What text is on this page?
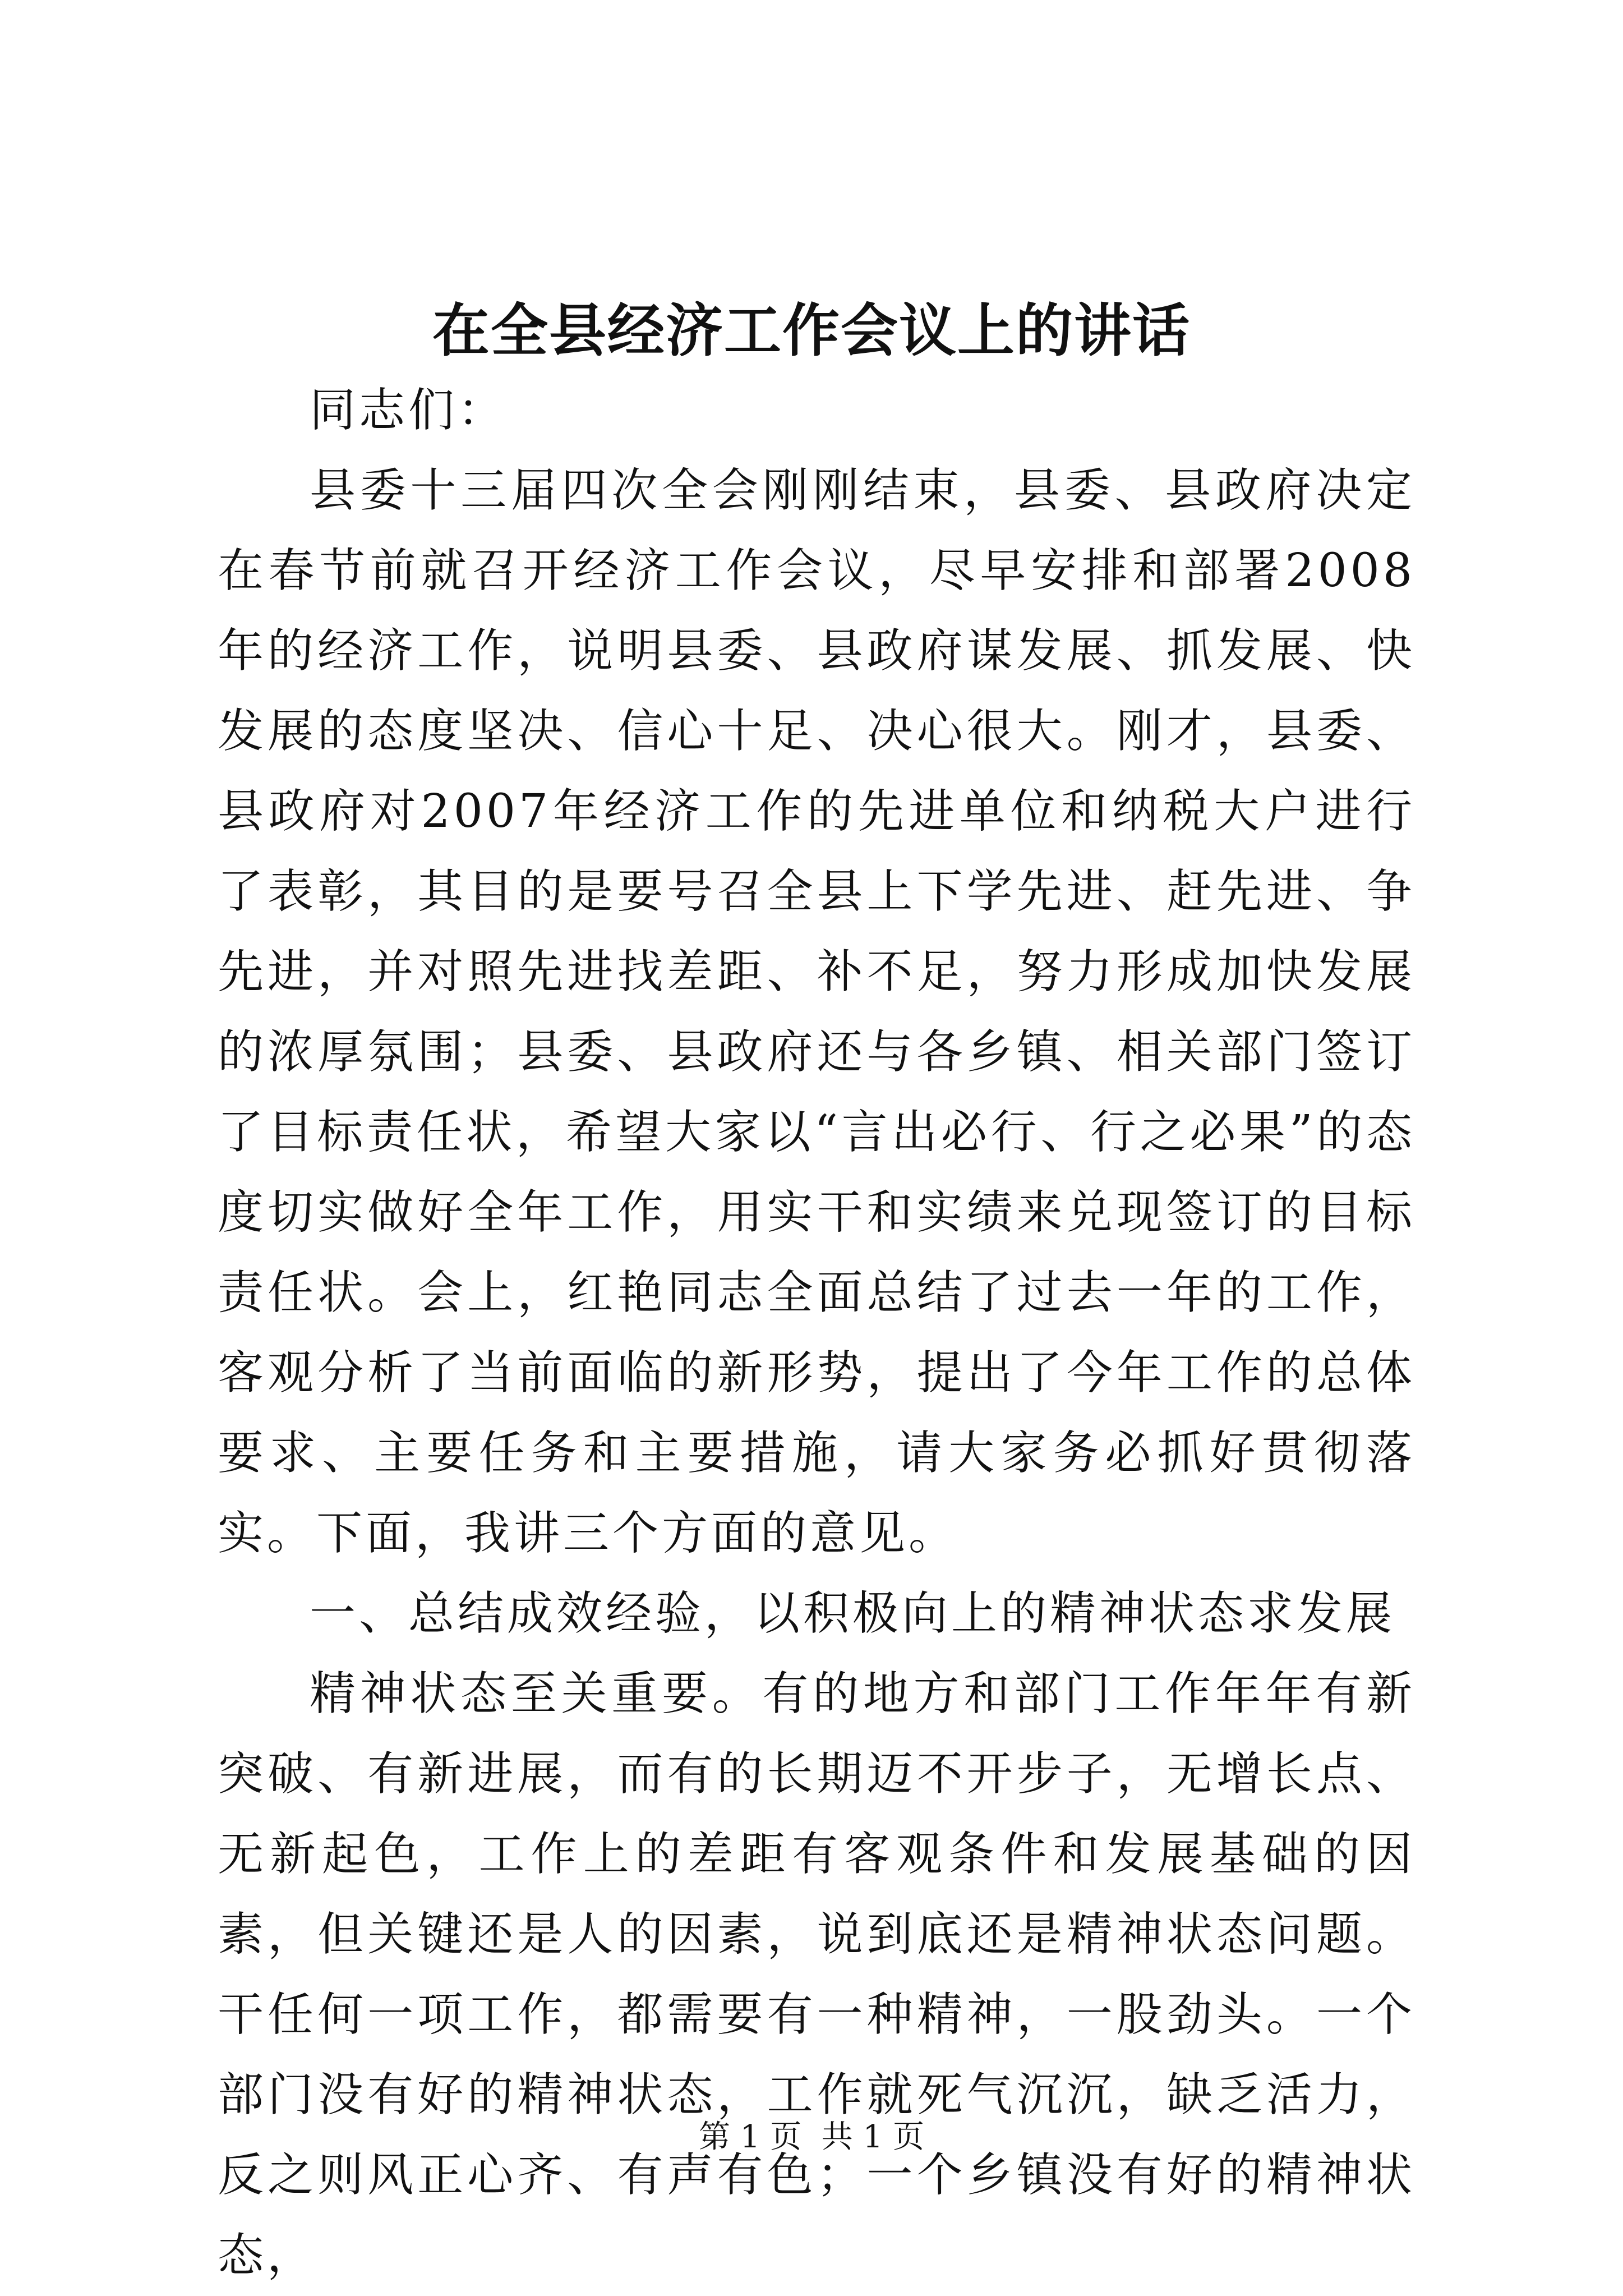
在全县经济工作会议上的讲话

同志们：

县委十三届四次全会刚刚结束，县委、县政府决定在春节前就召开经济工作会议，尽早安排和部署2008年的经济工作，说明县委、县政府谋发展、抓发展、快发展的态度坚决、信心十足、决心很大。刚才，县委、县政府对2007年经济工作的先进单位和纳税大户进行了表彰，其目的是要号召全县上下学先进、赶先进、争先进，并对照先进找差距、补不足，努力形成加快发展的浓厚氛围；县委、县政府还与各乡镇、相关部门签订了目标责任状，希望大家以“言出必行、行之必果”的态度切实做好全年工作，用实干和实绩来兑现签订的目标责任状。会上，红艳同志全面总结了过去一年的工作，客观分析了当前面临的新形势，提出了今年工作的总体要求、主要任务和主要措施，请大家务必抓好贯彻落实。下面，我讲三个方面的意见。

一、总结成效经验，以积极向上的精神状态求发展

精神状态至关重要。有的地方和部门工作年年有新突破、有新进展，而有的长期迈不开步子，无增长点、无新起色，工作上的差距有客观条件和发展基础的因素，但关键还是人的因素，说到底还是精神状态问题。干任何一项工作，都需要有一种精神，一股劲头。一个部门没有好的精神状态，工作就死气沉沉，缺乏活力，反之则风正心齐、有声有色；一个乡镇没有好的精神状态，

第 1 页  共 1 页
